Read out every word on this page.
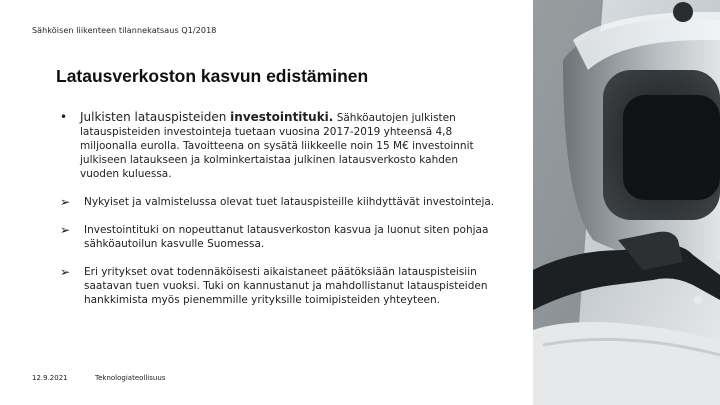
Sähköisen liikenteen tilannekatsaus Q1/2018
Latausverkoston kasvun edistäminen
• Julkisten latauspisteiden investointituki. Sähköautojen julkisten latauspisteiden investointeja tuetaan vuosina 2017-2019 yhteensä 4,8 miljoonalla eurolla. Tavoitteena on sysätä liikkeelle noin 15 M€ investoinnit julkiseen lataukseen ja kolminkertaistaa julkinen latausverkosto kahden vuoden kuluessa.
➢ Nykyiset ja valmistelussa olevat tuet latauspisteille kiihdyttävät investointeja.
➢ Investointituki on nopeuttanut latausverkoston kasvua ja luonut siten pohjaa sähköautoilun kasvulle Suomessa.
➢ Eri yritykset ovat todennäköisesti aikaistaneet päätöksiään latauspisteisiin saatavan tuen vuoksi. Tuki on kannustanut ja mahdollistanut latauspisteiden hankkimista myös pienemmille yrityksille toimipisteiden yhteyteen.
12.9.2021	Teknologiateollisuus	7
